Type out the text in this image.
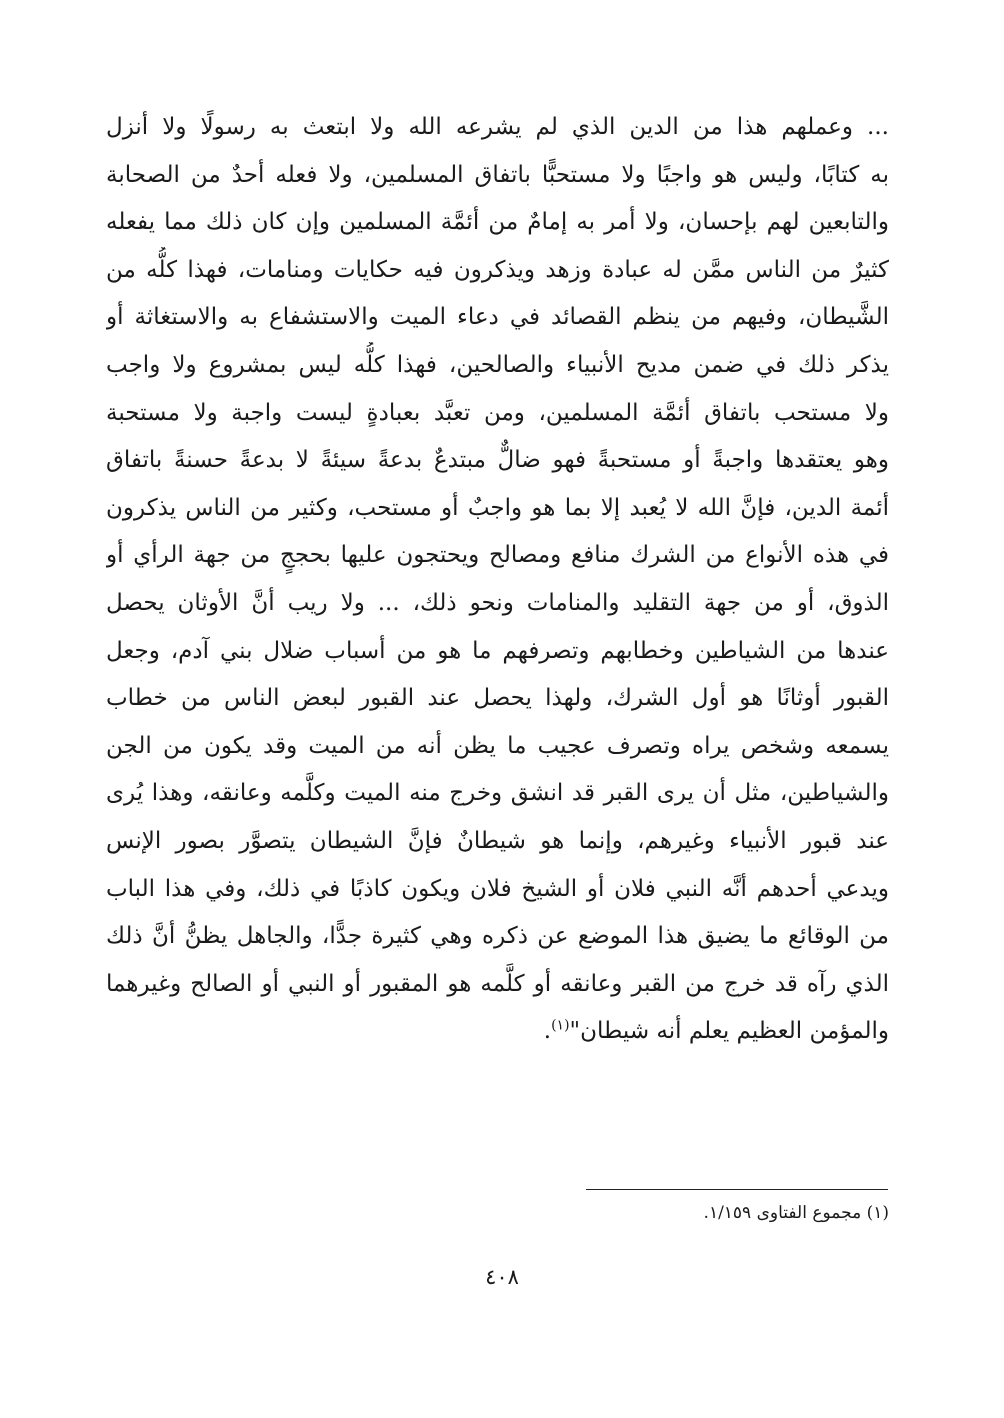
... وعملهم هذا من الدين الذي لم يشرعه الله ولا ابتعث به رسولًا ولا أنزل
به كتابًا، وليس هو واجبًا ولا مستحبًّا باتفاق المسلمين، ولا فعله أحدٌ من الصحابة
والتابعين لهم بإحسان، ولا أمر به إمامٌ من أئمَّة المسلمين وإن كان ذلك مما يفعله
كثيرٌ من الناس ممَّن له عبادة وزهد ويذكرون فيه حكايات ومنامات، فهذا كلُّه من
الشَّيطان، وفيهم من ينظم القصائد في دعاء الميت والاستشفاع به والاستغاثة أو
يذكر ذلك في ضمن مديح الأنبياء والصالحين، فهذا كلُّه ليس بمشروع ولا واجب
ولا مستحب باتفاق أئمَّة المسلمين، ومن تعبَّد بعبادةٍ ليست واجبة ولا مستحبة
وهو يعتقدها واجبةً أو مستحبةً فهو ضالٌّ مبتدعٌ بدعةً سيئةً لا بدعةً حسنةً باتفاق
أئمة الدين، فإنَّ الله لا يُعبد إلا بما هو واجبٌ أو مستحب، وكثير من الناس يذكرون
في هذه الأنواع من الشرك منافع ومصالح ويحتجون عليها بحججٍ من جهة الرأي أو
الذوق، أو من جهة التقليد والمنامات ونحو ذلك، ... ولا ريب أنَّ الأوثان يحصل
عندها من الشياطين وخطابهم وتصرفهم ما هو من أسباب ضلال بني آدم، وجعل
القبور أوثانًا هو أول الشرك، ولهذا يحصل عند القبور لبعض الناس من خطاب
يسمعه وشخص يراه وتصرف عجيب ما يظن أنه من الميت وقد يكون من الجن
والشياطين، مثل أن يرى القبر قد انشق وخرج منه الميت وكلَّمه وعانقه، وهذا يُرى
عند قبور الأنبياء وغيرهم، وإنما هو شيطانٌ فإنَّ الشيطان يتصوَّر بصور الإنس
ويدعي أحدهم أنَّه النبي فلان أو الشيخ فلان ويكون كاذبًا في ذلك، وفي هذا الباب
من الوقائع ما يضيق هذا الموضع عن ذكره وهي كثيرة جدًّا، والجاهل يظنُّ أنَّ ذلك
الذي رآه قد خرج من القبر وعانقه أو كلَّمه هو المقبور أو النبي أو الصالح وغيرهما
والمؤمن العظيم يعلم أنه شيطان"$^{(١)}$.
(١) مجموع الفتاوى ١/١٥٩.
٤٠٨
